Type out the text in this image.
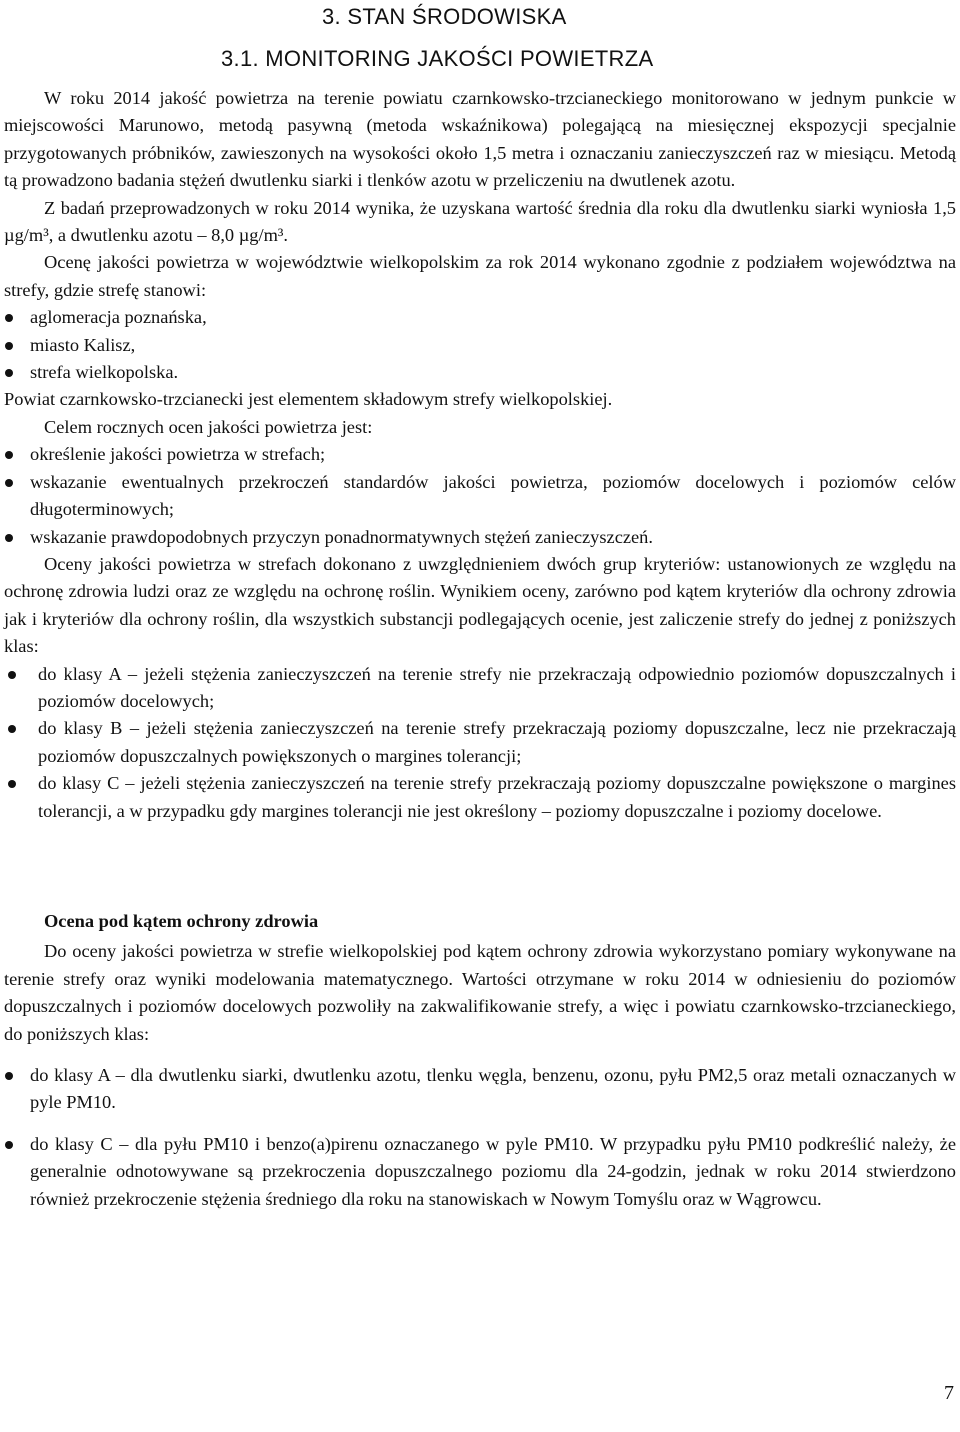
3. STAN ŚRODOWISKA
3.1. MONITORING JAKOŚCI POWIETRZA

W roku 2014 jakość powietrza na terenie powiatu czarnkowsko-trzcianeckiego monitorowano w jednym punkcie w miejscowości Marunowo, metodą pasywną (metoda wskaźnikowa) polegającą na miesięcznej ekspozycji specjalnie przygotowanych próbników, zawieszonych na wysokości około 1,5 metra i oznaczaniu zanieczyszczeń raz w miesiącu. Metodą tą prowadzono badania stężeń dwutlenku siarki i tlenków azotu w przeliczeniu na dwutlenek azotu.

Z badań przeprowadzonych w roku 2014 wynika, że uzyskana wartość średnia dla roku dla dwutlenku siarki wyniosła 1,5 µg/m³, a dwutlenku azotu – 8,0 µg/m³.

Ocenę jakości powietrza w województwie wielkopolskim za rok 2014 wykonano zgodnie z podziałem województwa na strefy, gdzie strefę stanowi:

aglomeracja poznańska,
miasto Kalisz,
strefa wielkopolska.

Powiat czarnkowsko-trzcianecki jest elementem składowym strefy wielkopolskiej.

Celem rocznych ocen jakości powietrza jest:

określenie jakości powietrza w strefach;
wskazanie ewentualnych przekroczeń standardów jakości powietrza, poziomów docelowych i poziomów celów długoterminowych;
wskazanie prawdopodobnych przyczyn ponadnormatywnych stężeń zanieczyszczeń.

Oceny jakości powietrza w strefach dokonano z uwzględnieniem dwóch grup kryteriów: ustanowionych ze względu na ochronę zdrowia ludzi oraz ze względu na ochronę roślin. Wynikiem oceny, zarówno pod kątem kryteriów dla ochrony zdrowia jak i kryteriów dla ochrony roślin, dla wszystkich substancji podlegających ocenie, jest zaliczenie strefy do jednej z poniższych klas:

do klasy A – jeżeli stężenia zanieczyszczeń na terenie strefy nie przekraczają odpowiednio poziomów dopuszczalnych i poziomów docelowych;
do klasy B – jeżeli stężenia zanieczyszczeń na terenie strefy przekraczają poziomy dopuszczalne, lecz nie przekraczają poziomów dopuszczalnych powiększonych o margines tolerancji;
do klasy C – jeżeli stężenia zanieczyszczeń na terenie strefy przekraczają poziomy dopuszczalne powiększone o margines tolerancji, a w przypadku gdy margines tolerancji nie jest określony – poziomy dopuszczalne i poziomy docelowe.

Ocena pod kątem ochrony zdrowia

Do oceny jakości powietrza w strefie wielkopolskiej pod kątem ochrony zdrowia wykorzystano pomiary wykonywane na terenie strefy oraz wyniki modelowania matematycznego. Wartości otrzymane w roku 2014 w odniesieniu do poziomów dopuszczalnych i poziomów docelowych pozwoliły na zakwalifikowanie strefy, a więc i powiatu czarnkowsko-trzcianeckiego, do poniższych klas:

do klasy A – dla dwutlenku siarki, dwutlenku azotu, tlenku węgla, benzenu, ozonu, pyłu PM2,5 oraz metali oznaczanych w pyle PM10.
do klasy C – dla pyłu PM10 i benzo(a)pirenu oznaczanego w pyle PM10. W przypadku pyłu PM10 podkreślić należy, że generalnie odnotowywane są przekroczenia dopuszczalnego poziomu dla 24-godzin, jednak w roku 2014 stwierdzono również przekroczenie stężenia średniego dla roku na stanowiskach w Nowym Tomyślu oraz w Wągrowcu.
7
